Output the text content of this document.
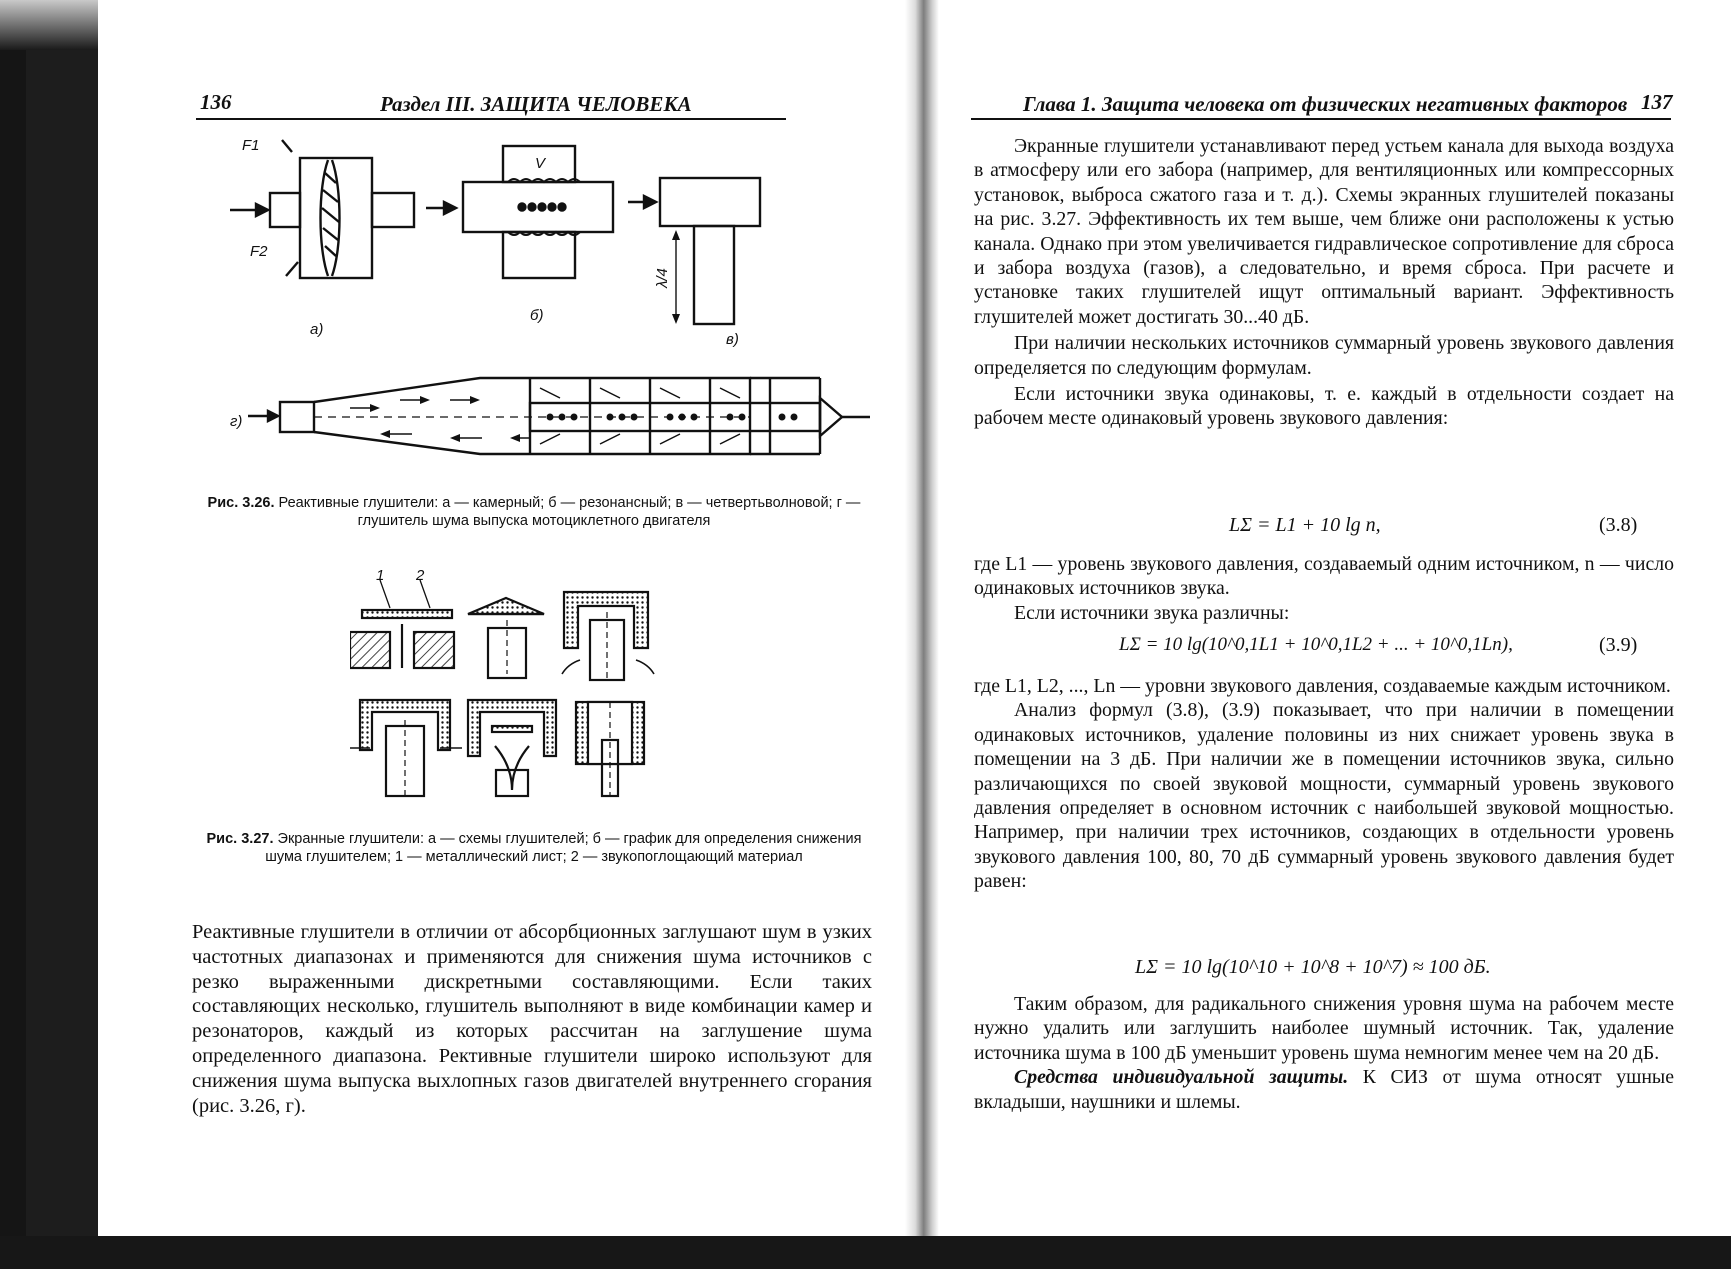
136	Раздел III. ЗАЩИТА ЧЕЛОВЕКА
F1
F2
V
λ/4
а)
б)
в)
г)
Рис. 3.26. Реактивные глушители: а — камерный; б — резонансный; в — четвертьволновой; г — глушитель шума выпуска мотоциклетного двигателя
1 2
Рис. 3.27. Экранные глушители: а — схемы глушителей; б — график для определения снижения шума глушителем; 1 — металлический лист; 2 — звукопоглощающий материал

Реактивные глушители в отличии от абсорбционных заглушают шум в узких частотных диапазонах и применяются для снижения шума источников с резко выраженными дискретными составляющими. Если таких составляющих несколько, глушитель выполняют в виде комбинации камер и резонаторов, каждый из которых рассчитан на заглушение шума определенного диапазона. Рективные глушители широко используют для снижения шума выпуска выхлопных газов двигателей внутреннего сгорания (рис. 3.26, г).

Глава 1. Защита человека от физических негативных факторов 137

Экранные глушители устанавливают перед устьем канала для выхода воздуха в атмосферу или его забора (например, для вентиляционных или компрессорных установок, выброса сжатого газа и т. д.). Схемы экранных глушителей показаны на рис. 3.27. Эффективность их тем выше, чем ближе они расположены к устью канала. Однако при этом увеличивается гидравлическое сопротивление для сброса и забора воздуха (газов), а следовательно, и время сброса. При расчете и установке таких глушителей ищут оптимальный вариант. Эффективность глушителей может достигать 30...40 дБ.

При наличии нескольких источников суммарный уровень звукового давления определяется по следующим формулам.

Если источники звука одинаковы, т. е. каждый в отдельности создает на рабочем месте одинаковый уровень звукового давления:

LΣ = L1 + 10 lg n,	(3.8)

где L1 — уровень звукового давления, создаваемый одним источником, n — число одинаковых источников звука.

Если источники звука различны:

LΣ = 10 lg(10^0,1L1 + 10^0,1L2 + ... + 10^0,1Ln),	(3.9)

где L1, L2, ..., Ln — уровни звукового давления, создаваемые каждым источником.

Анализ формул (3.8), (3.9) показывает, что при наличии в помещении одинаковых источников, удаление половины из них снижает уровень звука в помещении на 3 дБ. При наличии же в помещении источников звука, сильно различающихся по своей звуковой мощности, суммарный уровень звукового давления определяет в основном источник с наибольшей звуковой мощностью. Например, при наличии трех источников, создающих в отдельности уровень звукового давления 100, 80, 70 дБ суммарный уровень звукового давления будет равен:

LΣ = 10 lg(10^10 + 10^8 + 10^7) ≈ 100 дБ.

Таким образом, для радикального снижения уровня шума на рабочем месте нужно удалить или заглушить наиболее шумный источник. Так, удаление источника шума в 100 дБ уменьшит уровень шума немногим менее чем на 20 дБ.

Средства индивидуальной защиты. К СИЗ от шума относят ушные вкладыши, наушники и шлемы.
